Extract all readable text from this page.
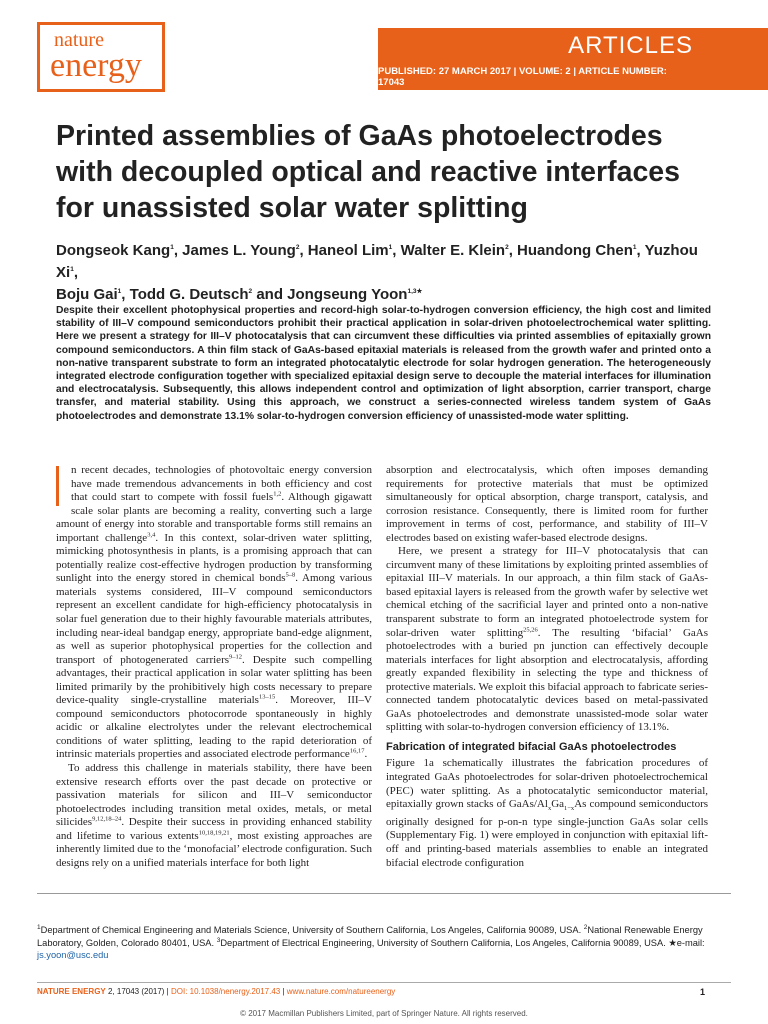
nature
energy
ARTICLES
PUBLISHED: 27 MARCH 2017 | VOLUME: 2 | ARTICLE NUMBER: 17043
Printed assemblies of GaAs photoelectrodes with decoupled optical and reactive interfaces for unassisted solar water splitting
Dongseok Kang$^1$, James L. Young$^2$, Haneol Lim$^1$, Walter E. Klein$^2$, Huandong Chen$^1$, Yuzhou Xi$^1$,
Boju Gai$^1$, Todd G. Deutsch$^2$ and Jongseung Yoon$^{1,3★}$
Despite their excellent photophysical properties and record-high solar-to-hydrogen conversion efficiency, the high cost and limited stability of III–V compound semiconductors prohibit their practical application in solar-driven photoelectrochemical water splitting. Here we present a strategy for III–V photocatalysis that can circumvent these difficulties via printed assemblies of epitaxially grown compound semiconductors. A thin film stack of GaAs-based epitaxial materials is released from the growth wafer and printed onto a non-native transparent substrate to form an integrated photocatalytic electrode for solar hydrogen generation. The heterogeneously integrated electrode configuration together with specialized epitaxial design serve to decouple the material interfaces for illumination and electrocatalysis. Subsequently, this allows independent control and optimization of light absorption, carrier transport, charge transfer, and material stability. Using this approach, we construct a series-connected wireless tandem system of GaAs photoelectrodes and demonstrate 13.1% solar-to-hydrogen conversion efficiency of unassisted-mode water splitting.

n recent decades, technologies of photovoltaic energy conversion have made tremendous advancements in both efficiency and cost that could start to compete with fossil fuels$^{1,2}$. Although gigawatt scale solar plants are becoming a reality, converting such a large amount of energy into storable and transportable forms still remains an important challenge$^{3,4}$. In this context, solar-driven water splitting, mimicking photosynthesis in plants, is a promising approach that can potentially realize cost-effective hydrogen production by transforming sunlight into the energy stored in chemical bonds$^{5-8}$. Among various materials systems considered, III–V compound semiconductors represent an excellent candidate for high-efficiency photocatalysis in solar fuel generation due to their highly favourable materials attributes, including near-ideal bandgap energy, appropriate band-edge alignment, as well as superior photophysical properties for the collection and transport of photogenerated carriers$^{9-12}$. Despite such compelling advantages, their practical application in solar water splitting has been limited primarily by the prohibitively high costs necessary to prepare device-quality single-crystalline materials$^{13-15}$. Moreover, III–V compound semiconductors photocorrode spontaneously in highly acidic or alkaline electrolytes under the relevant electrochemical conditions of water splitting, leading to the rapid deterioration of intrinsic materials properties and associated electrode performance$^{16,17}$.

To address this challenge in materials stability, there have been extensive research efforts over the past decade on protective or passivation materials for silicon and III–V semiconductor photoelectrodes including transition metal oxides, metals, or metal silicides$^{9,12,18-24}$. Despite their success in providing enhanced stability and lifetime to various extents$^{10,18,19,21}$, most existing approaches are inherently limited due to the ‘monofacial’ electrode configuration. Such designs rely on a unified materials interface for both light

absorption and electrocatalysis, which often imposes demanding requirements for protective materials that must be optimized simultaneously for optical absorption, charge transport, catalysis, and corrosion resistance. Consequently, there is limited room for further improvement in terms of cost, performance, and stability of III–V electrodes based on existing wafer-based electrode designs.

Here, we present a strategy for III–V photocatalysis that can circumvent many of these limitations by exploiting printed assemblies of epitaxial III–V materials. In our approach, a thin film stack of GaAs-based epitaxial layers is released from the growth wafer by selective wet chemical etching of the sacrificial layer and printed onto a non-native transparent substrate to form an integrated photoelectrode system for solar-driven water splitting$^{25,26}$. The resulting ‘bifacial’ GaAs photoelectrodes with a buried pn junction can effectively decouple materials interfaces for light absorption and electrocatalysis, affording greatly expanded flexibility in selecting the type and thickness of protective materials. We exploit this bifacial approach to fabricate series-connected tandem photocatalytic devices based on metal-passivated GaAs photoelectrodes and demonstrate unassisted-mode solar water splitting with solar-to-hydrogen conversion efficiency of 13.1%.

Fabrication of integrated bifacial GaAs photoelectrodes

Figure 1a schematically illustrates the fabrication procedures of integrated GaAs photoelectrodes for solar-driven photoelectrochemical (PEC) water splitting. As a photocatalytic semiconductor material, epitaxially grown stacks of GaAs/$Al_xGa_{1-x}As$ compound semiconductors originally designed for p-on-n type single-junction GaAs solar cells (Supplementary Fig. 1) were employed in conjunction with epitaxial lift-off and printing-based materials assemblies to enable an integrated bifacial electrode configuration

$^1$Department of Chemical Engineering and Materials Science, University of Southern California, Los Angeles, California 90089, USA. $^2$National Renewable Energy Laboratory, Golden, Colorado 80401, USA. $^3$Department of Electrical Engineering, University of Southern California, Los Angeles, California 90089, USA. ★e-mail: js.yoon@usc.edu
NATURE ENERGY 2, 17043 (2017) | DOI: 10.1038/nenergy.2017.43 | www.nature.com/natureenergy	1
© 2017 Macmillan Publishers Limited, part of Springer Nature. All rights reserved.
